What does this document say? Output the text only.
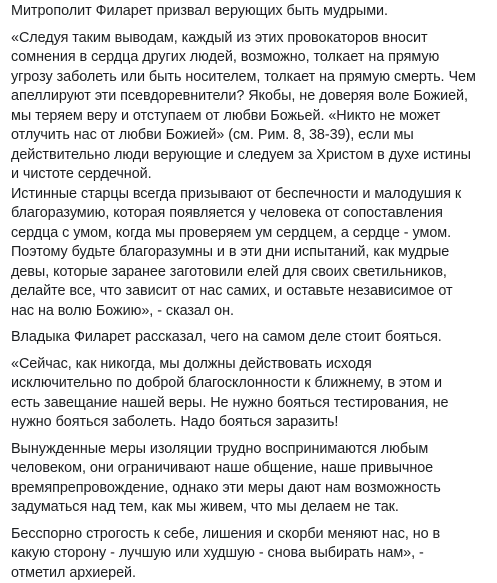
Митрополит Филарет призвал верующих быть мудрыми.

«Следуя таким выводам, каждый из этих провокаторов вносит
сомнения в сердца других людей, возможно, толкает на прямую
угрозу заболеть или быть носителем, толкает на прямую смерть. Чем
апеллируют эти псевдоревнители? Якобы, не доверяя воле Божией,
мы теряем веру и отступаем от любви Божьей. «Никто не может
отлучить нас от любви Божией» (см. Рим. 8, 38-39), если мы
действительно люди верующие и следуем за Христом в духе истины
и чистоте сердечной.
Истинные старцы всегда призывают от беспечности и малодушия к
благоразумию, которая появляется у человека от сопоставления
сердца с умом, когда мы проверяем ум сердцем, а сердце - умом.
Поэтому будьте благоразумны и в эти дни испытаний, как мудрые
девы, которые заранее заготовили елей для своих светильников,
делайте все, что зависит от нас самих, и оставьте независимое от
нас на волю Божию», - сказал он.

Владыка Филарет рассказал, чего на самом деле стоит бояться.

«Сейчас, как никогда, мы должны действовать исходя
исключительно по доброй благосклонности к ближнему, в этом и
есть завещание нашей веры. Не нужно бояться тестирования, не
нужно бояться заболеть. Надо бояться заразить!

Вынужденные меры изоляции трудно воспринимаются любым
человеком, они ограничивают наше общение, наше привычное
времяпрепровождение, однако эти меры дают нам возможность
задуматься над тем, как мы живем, что мы делаем не так.

Бесспорно строгость к себе, лишения и скорби меняют нас, но в
какую сторону - лучшую или худшую - снова выбирать нам», -
отметил архиерей.
